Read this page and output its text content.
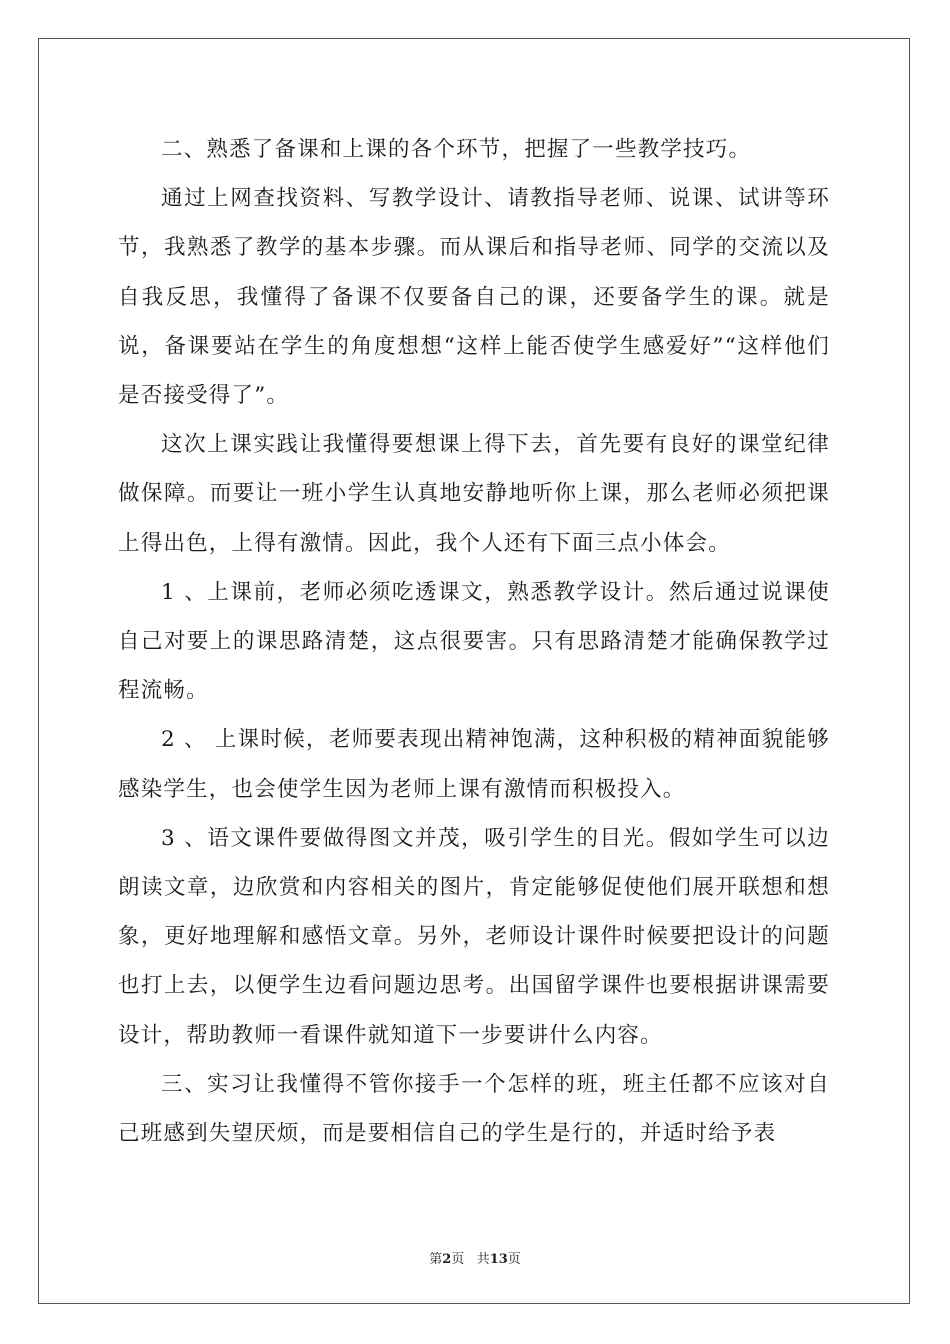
二、熟悉了备课和上课的各个环节，把握了一些教学技巧。

通过上网查找资料、写教学设计、请教指导老师、说课、试讲等环节，我熟悉了教学的基本步骤。而从课后和指导老师、同学的交流以及自我反思，我懂得了备课不仅要备自己的课，还要备学生的课。就是说，备课要站在学生的角度想想“这样上能否使学生感爱好”“这样他们是否接受得了”。

这次上课实践让我懂得要想课上得下去，首先要有良好的课堂纪律做保障。而要让一班小学生认真地安静地听你上课，那么老师必须把课上得出色，上得有激情。因此，我个人还有下面三点小体会。

1 、上课前，老师必须吃透课文，熟悉教学设计。然后通过说课使自己对要上的课思路清楚，这点很要害。只有思路清楚才能确保教学过程流畅。

2 、 上课时候，老师要表现出精神饱满，这种积极的精神面貌能够感染学生，也会使学生因为老师上课有激情而积极投入。

3 、语文课件要做得图文并茂，吸引学生的目光。假如学生可以边朗读文章，边欣赏和内容相关的图片，肯定能够促使他们展开联想和想象，更好地理解和感悟文章。另外，老师设计课件时候要把设计的问题也打上去，以便学生边看问题边思考。出国留学课件也要根据讲课需要设计，帮助教师一看课件就知道下一步要讲什么内容。

三、实习让我懂得不管你接手一个怎样的班，班主任都不应该对自己班感到失望厌烦，而是要相信自己的学生是行的，并适时给予表

第2页 共13页
